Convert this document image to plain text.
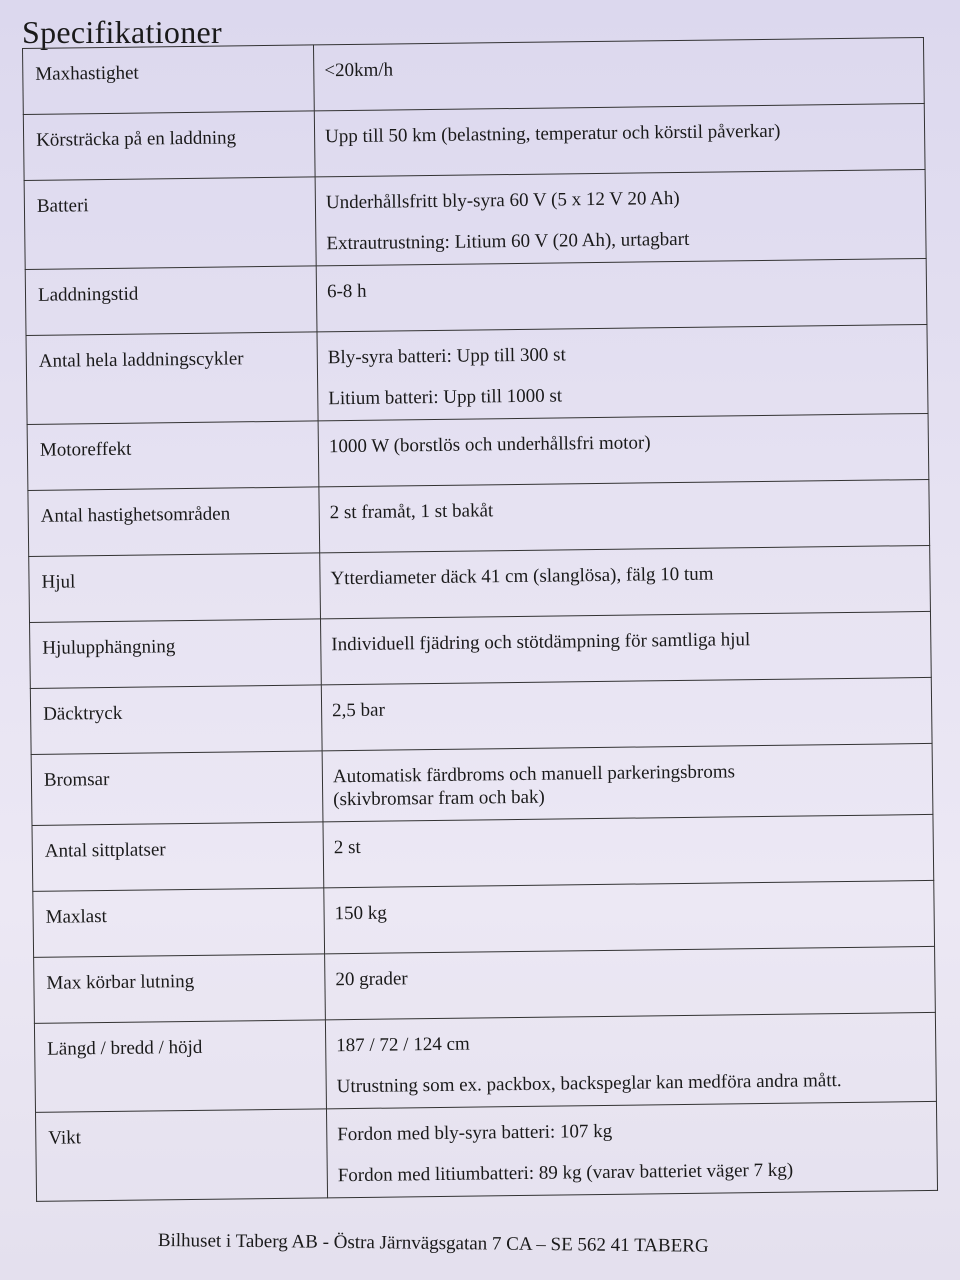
Specifikationer
Maxhastighet	<20km/h

Körsträcka på en laddning	Upp till 50 km (belastning, temperatur och körstil påverkar)

Batteri	Underhållsfritt bly-syra 60 V (5 x 12 V 20 Ah)
Extrautrustning: Litium 60 V (20 Ah), urtagbart

Laddningstid	6-8 h

Antal hela laddningscykler	Bly-syra batteri: Upp till 300 st
Litium batteri: Upp till 1000 st

Motoreffekt	1000 W (borstlös och underhållsfri motor)

Antal hastighetsområden	2 st framåt, 1 st bakåt

Hjul	Ytterdiameter däck 41 cm (slanglösa), fälg 10 tum

Hjulupphängning	Individuell fjädring och stötdämpning för samtliga hjul

Däcktryck	2,5 bar

Bromsar	Automatisk färdbroms och manuell parkeringsbroms
(skivbromsar fram och bak)

Antal sittplatser	2 st

Maxlast	150 kg

Max körbar lutning	20 grader

Längd / bredd / höjd	187 / 72 / 124 cm
Utrustning som ex. packbox, backspeglar kan medföra andra mått.

Vikt	Fordon med bly-syra batteri: 107 kg
Fordon med litiumbatteri: 89 kg (varav batteriet väger 7 kg)
Bilhuset i Taberg AB - Östra Järnvägsgatan 7 CA – SE 562 41 TABERG
